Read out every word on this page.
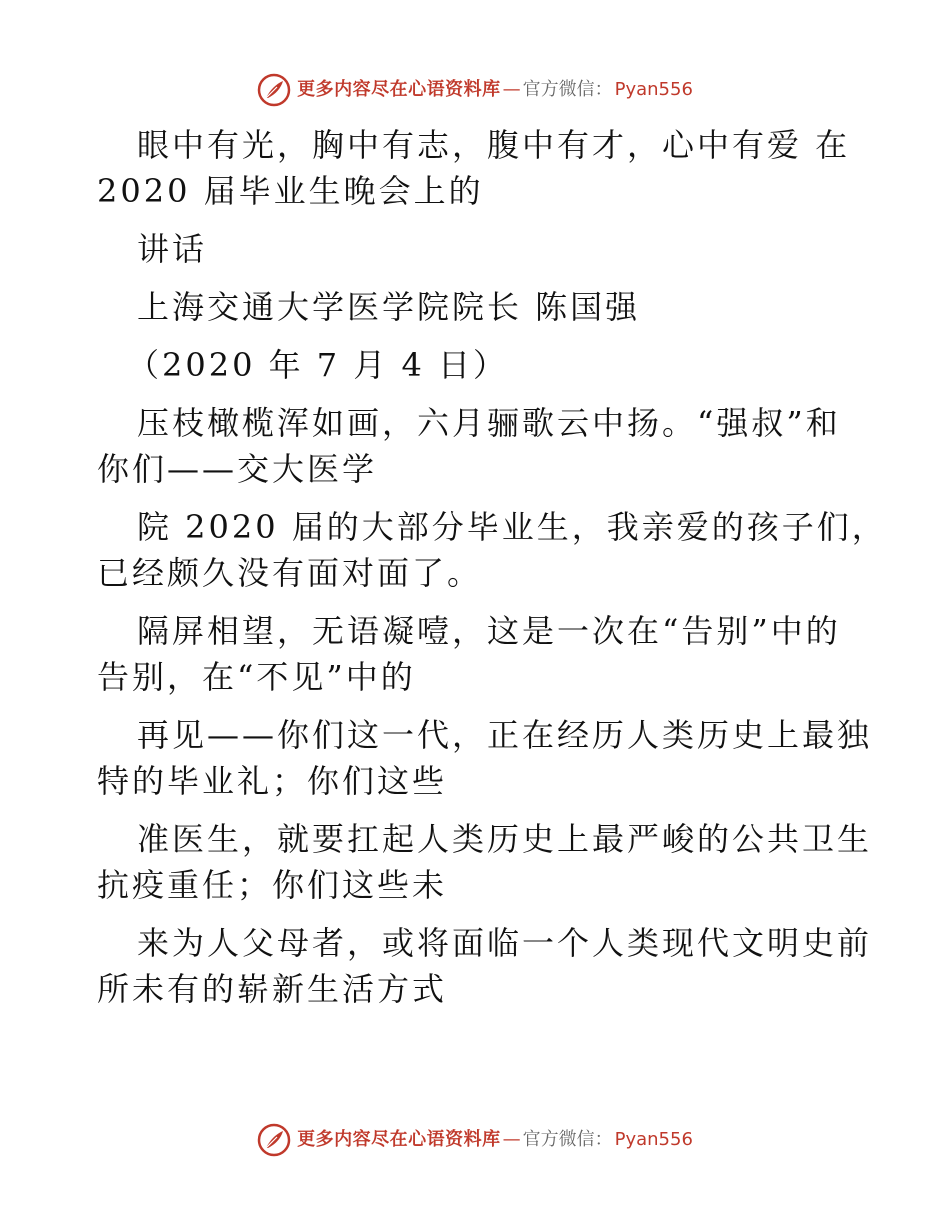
更多内容尽在心语资料库 — 官方微信： Pyan556
眼中有光，胸中有志，腹中有才，心中有爱 在
2020 届毕业生晚会上的
讲话
上海交通大学医学院院长 陈国强
（2020 年 7 月 4 日）
压枝橄榄浑如画，六月骊歌云中扬。“强叔”和
你们——交大医学
院 2020 届的大部分毕业生，我亲爱的孩子们，
已经颇久没有面对面了。
隔屏相望，无语凝噎，这是一次在“告别”中的
告别，在“不见”中的
再见——你们这一代，正在经历人类历史上最独
特的毕业礼；你们这些
准医生，就要扛起人类历史上最严峻的公共卫生
抗疫重任；你们这些未
来为人父母者，或将面临一个人类现代文明史前
所未有的崭新生活方式
更多内容尽在心语资料库 — 官方微信： Pyan556
